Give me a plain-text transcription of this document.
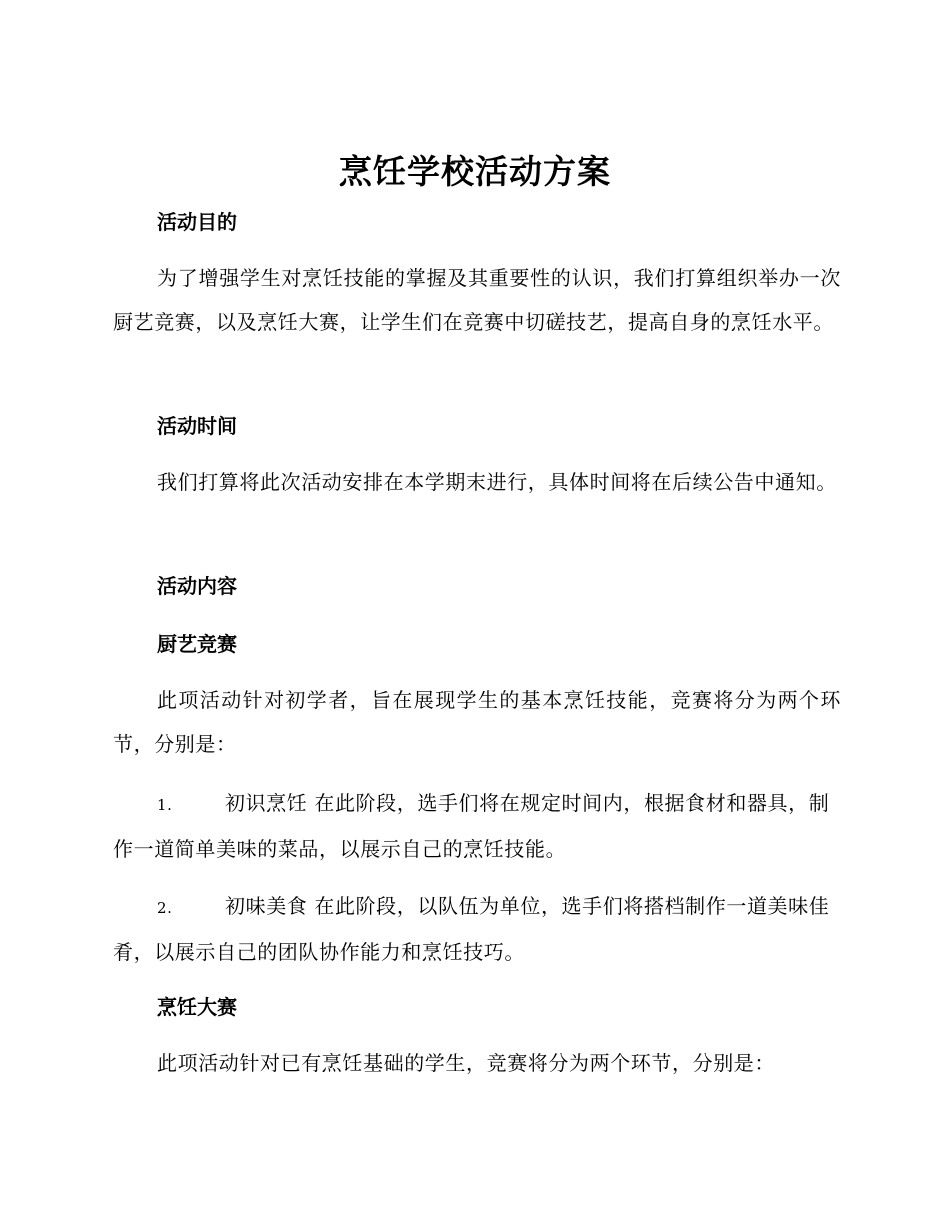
烹饪学校活动方案
活动目的

为了增强学生对烹饪技能的掌握及其重要性的认识，我们打算组织举办一次厨艺竞赛，以及烹饪大赛，让学生们在竞赛中切磋技艺，提高自身的烹饪水平。

活动时间

我们打算将此次活动安排在本学期末进行，具体时间将在后续公告中通知。

活动内容
厨艺竞赛

此项活动针对初学者，旨在展现学生的基本烹饪技能，竞赛将分为两个环节，分别是：

1.	初识烹饪 在此阶段，选手们将在规定时间内，根据食材和器具，制作一道简单美味的菜品，以展示自己的烹饪技能。

2.	初味美食 在此阶段，以队伍为单位，选手们将搭档制作一道美味佳肴，以展示自己的团队协作能力和烹饪技巧。

烹饪大赛

此项活动针对已有烹饪基础的学生，竞赛将分为两个环节，分别是：
